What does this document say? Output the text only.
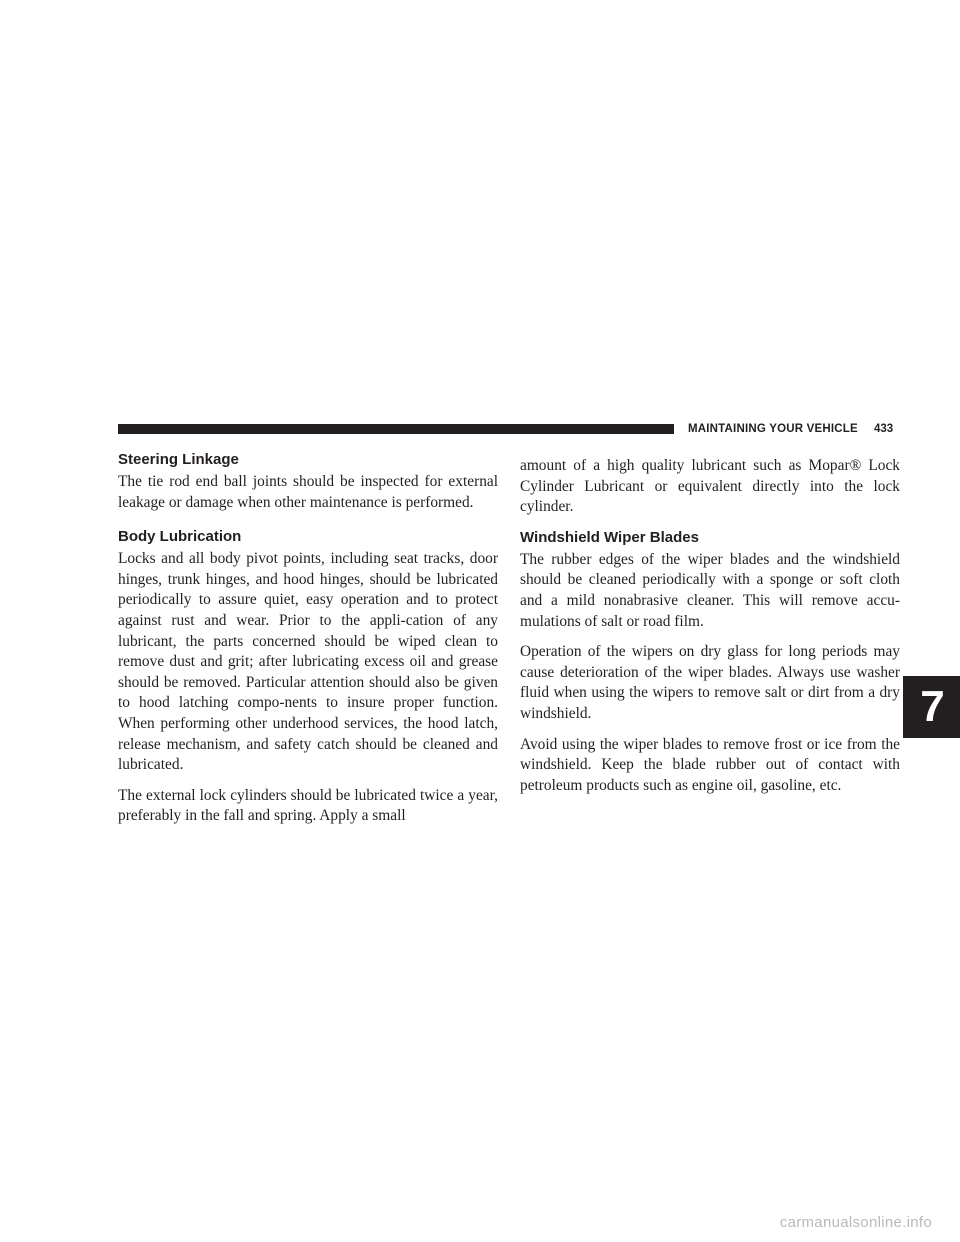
MAINTAINING YOUR VEHICLE 433
Steering Linkage

The tie rod end ball joints should be inspected for external leakage or damage when other maintenance is performed.

Body Lubrication

Locks and all body pivot points, including seat tracks, door hinges, trunk hinges, and hood hinges, should be lubricated periodically to assure quiet, easy operation and to protect against rust and wear. Prior to the appli-cation of any lubricant, the parts concerned should be wiped clean to remove dust and grit; after lubricating excess oil and grease should be removed. Particular attention should also be given to hood latching compo-nents to insure proper function. When performing other underhood services, the hood latch, release mechanism, and safety catch should be cleaned and lubricated.

The external lock cylinders should be lubricated twice a year, preferably in the fall and spring. Apply a small

amount of a high quality lubricant such as Mopar® Lock Cylinder Lubricant or equivalent directly into the lock cylinder.

Windshield Wiper Blades

The rubber edges of the wiper blades and the windshield should be cleaned periodically with a sponge or soft cloth and a mild nonabrasive cleaner. This will remove accu-mulations of salt or road film.

Operation of the wipers on dry glass for long periods may cause deterioration of the wiper blades. Always use washer fluid when using the wipers to remove salt or dirt from a dry windshield.

Avoid using the wiper blades to remove frost or ice from the windshield. Keep the blade rubber out of contact with petroleum products such as engine oil, gasoline, etc.

7
carmanualsonline.info
